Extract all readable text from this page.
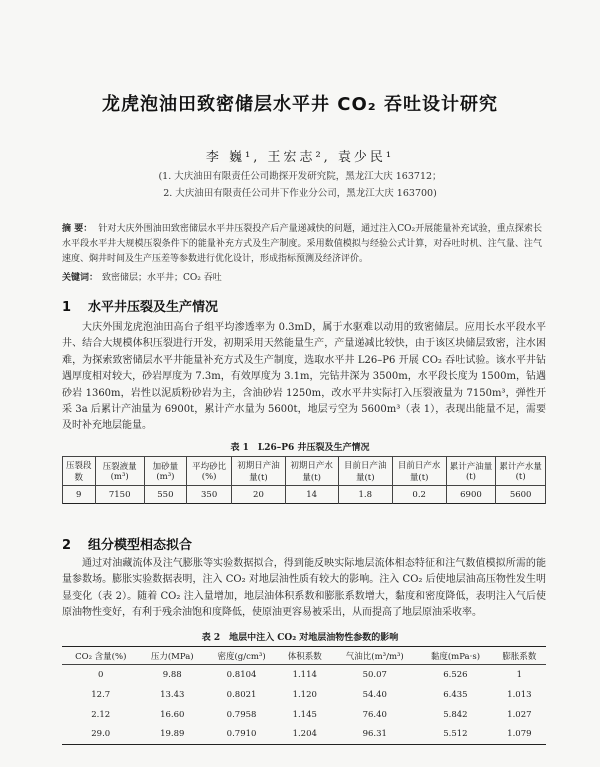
龙虎泡油田致密储层水平井 CO₂ 吞吐设计研究
李 巍¹, 王宏志², 袁少民¹
(1. 大庆油田有限责任公司勘探开发研究院，黑龙江大庆 163712；
2. 大庆油田有限责任公司井下作业分公司，黑龙江大庆 163700)
摘 要： 针对大庆外围油田致密储层水平井压裂投产后产量递减快的问题，通过注入CO₂开展能量补充试验，重点探索长水平段水平井大规模压裂条件下的能量补充方式及生产制度。采用数值模拟与经验公式计算，对吞吐时机、注气量、注气速度、焖井时间及生产压差等参数进行优化设计，形成指标预测及经济评价。
关键词： 致密储层；水平井；CO₂ 吞吐
1 水平井压裂及生产情况
大庆外围龙虎泡油田高台子组平均渗透率为 0.3mD，属于水驱难以动用的致密储层。应用长水平段水平井、结合大规模体积压裂进行开发，初期采用天然能量生产，产量递减比较快，由于该区块储层致密，注水困难，为探索致密储层水平井能量补充方式及生产制度，选取水平井 L26–P6 开展 CO₂ 吞吐试验。该水平井钻遇厚度相对较大，砂岩厚度为 7.3m，有效厚度为 3.1m，完钻井深为 3500m，水平段长度为 1500m，钻遇砂岩 1360m，岩性以泥质粉砂岩为主，含油砂岩 1250m，改水平井实际打入压裂液量为 7150m³，弹性开采 3a 后累计产油量为 6900t，累计产水量为 5600t，地层亏空为 5600m³（表 1），表现出能量不足，需要及时补充地层能量。
表 1　L26–P6 井压裂及生产情况
压裂段数	压裂液量(m³)	加砂量(m³)	平均砂比(%)	初期日产油量(t)	初期日产水量(t)	目前日产油量(t)	目前日产水量(t)	累计产油量(t)	累计产水量(t)
9	7150	550	350	20	14	1.8	0.2	6900	5600
2 组分模型相态拟合
通过对油藏流体及注气膨胀等实验数据拟合，得到能反映实际地层流体相态特征和注气数值模拟所需的能量参数场。膨胀实验数据表明，注入 CO₂ 对地层油性质有较大的影响。注入 CO₂ 后使地层油高压物性发生明显变化（表 2）。随着 CO₂ 注入量增加，地层油体积系数和膨胀系数增大，黏度和密度降低，表明注入气后使原油物性变好，有利于残余油饱和度降低，使原油更容易被采出，从而提高了地层原油采收率。
表 2　地层中注入 CO₂ 对地层油物性参数的影响
CO₂ 含量(%)	压力(MPa)	密度(g/cm³)	体积系数	气油比(m³/m³)	黏度(mPa·s)	膨胀系数
0	9.88	0.8104	1.114	50.07	6.526	1
12.7	13.43	0.8021	1.120	54.40	6.435	1.013
2.12	16.60	0.7958	1.145	76.40	5.842	1.027
29.0	19.89	0.7910	1.204	96.31	5.512	1.079
